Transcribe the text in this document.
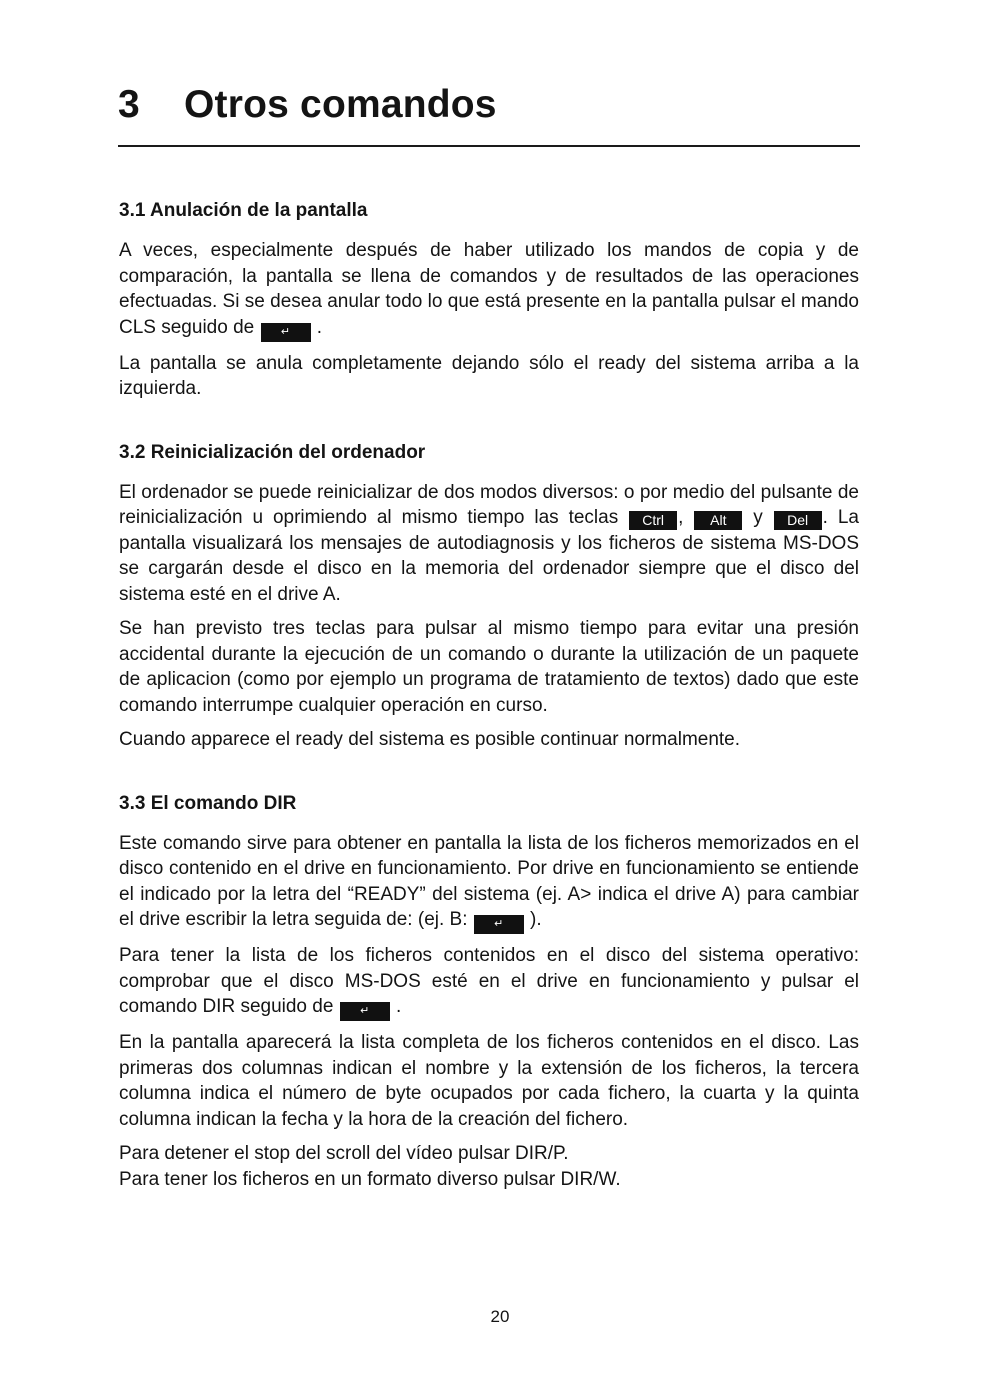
3 Otros comandos
3.1 Anulación de la pantalla

A veces, especialmente después de haber utilizado los mandos de copia y de comparación, la pantalla se llena de comandos y de resultados de las operaciones efectuadas. Si se desea anular todo lo que está presente en la pantalla pulsar el mando CLS seguido de ↵ .

La pantalla se anula completamente dejando sólo el ready del sistema arriba a la izquierda.

3.2 Reinicialización del ordenador

El ordenador se puede reinicializar de dos modos diversos: o por medio del pulsante de reinicialización u oprimiendo al mismo tiempo las teclas Ctrl , Alt y Del . La pantalla visualizará los mensajes de autodiagnosis y los ficheros de sistema MS-DOS se cargarán desde el disco en la memoria del ordenador siempre que el disco del sistema esté en el drive A.

Se han previsto tres teclas para pulsar al mismo tiempo para evitar una presión accidental durante la ejecución de un comando o durante la utilización de un paquete de aplicacion (como por ejemplo un programa de tratamiento de textos) dado que este comando interrumpe cualquier operación en curso.

Cuando apparece el ready del sistema es posible continuar normalmente.

3.3 El comando DIR

Este comando sirve para obtener en pantalla la lista de los ficheros memorizados en el disco contenido en el drive en funcionamiento. Por drive en funcionamiento se entiende el indicado por la letra del “READY” del sistema (ej. A> indica el drive A) para cambiar el drive escribir la letra seguida de: (ej. B: ↵ ).

Para tener la lista de los ficheros contenidos en el disco del sistema operativo: comprobar que el disco MS-DOS esté en el drive en funcionamiento y pulsar el comando DIR seguido de ↵ .

En la pantalla aparecerá la lista completa de los ficheros contenidos en el disco. Las primeras dos columnas indican el nombre y la extensión de los ficheros, la tercera columna indica el número de byte ocupados por cada fichero, la cuarta y la quinta columna indican la fecha y la hora de la creación del fichero.

Para detener el stop del scroll del vídeo pulsar DIR/P.
Para tener los ficheros en un formato diverso pulsar DIR/W.

20
